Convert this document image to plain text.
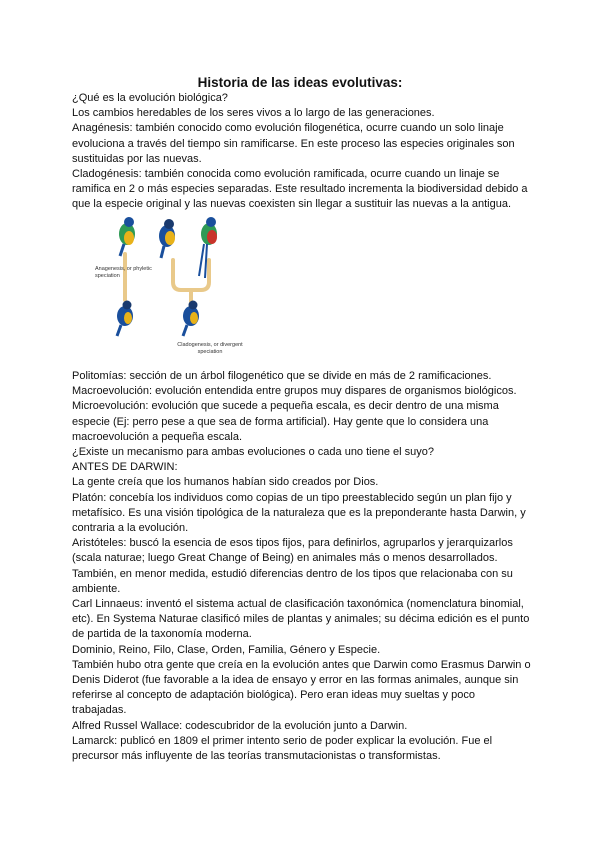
Historia de las ideas evolutivas:

¿Qué es la evolución biológica?

Los cambios heredables de los seres vivos a lo largo de las generaciones.

Anagénesis: también conocido como evolución filogenética, ocurre cuando un solo linaje evoluciona a través del tiempo sin ramificarse. En este proceso las especies originales son sustituidas por las nuevas.

Cladogénesis: también conocida como evolución ramificada, ocurre cuando un linaje se ramifica en 2 o más especies separadas. Este resultado incrementa la biodiversidad debido a que la especie original y las nuevas coexisten sin llegar a sustituir las nuevas a la antigua.

Anagenesis, or phyletic speciation
Cladogenesis, or divergent speciation

Politomías: sección de un árbol filogenético que se divide en más de 2 ramificaciones.

Macroevolución: evolución entendida entre grupos muy dispares de organismos biológicos.

Microevolución: evolución que sucede a pequeña escala, es decir dentro de una misma especie (Ej: perro pese a que sea de forma artificial). Hay gente que lo considera una macroevolución a pequeña escala.

¿Existe un mecanismo para ambas evoluciones o cada uno tiene el suyo?

ANTES DE DARWIN:

La gente creía que los humanos habían sido creados por Dios.

Platón: concebía los individuos como copias de un tipo preestablecido según un plan fijo y metafísico. Es una visión tipológica de la naturaleza que es la preponderante hasta Darwin, y contraria a la evolución.

Aristóteles: buscó la esencia de esos tipos fijos, para definirlos, agruparlos y jerarquizarlos (scala naturae; luego Great Change of Being) en animales más o menos desarrollados. También, en menor medida, estudió diferencias dentro de los tipos que relacionaba con su ambiente.

Carl Linnaeus: inventó el sistema actual de clasificación taxonómica (nomenclatura binomial, etc). En Systema Naturae clasificó miles de plantas y animales; su décima edición es el punto de partida de la taxonomía moderna.

Dominio, Reino, Filo, Clase, Orden, Familia, Género y Especie.

También hubo otra gente que creía en la evolución antes que Darwin como Erasmus Darwin o Denis Diderot (fue favorable a la idea de ensayo y error en las formas animales, aunque sin referirse al concepto de adaptación biológica). Pero eran ideas muy sueltas y poco trabajadas.

Alfred Russel Wallace: codescubridor de la evolución junto a Darwin.

Lamarck: publicó en 1809 el primer intento serio de poder explicar la evolución. Fue el precursor más influyente de las teorías transmutacionistas o transformistas.
